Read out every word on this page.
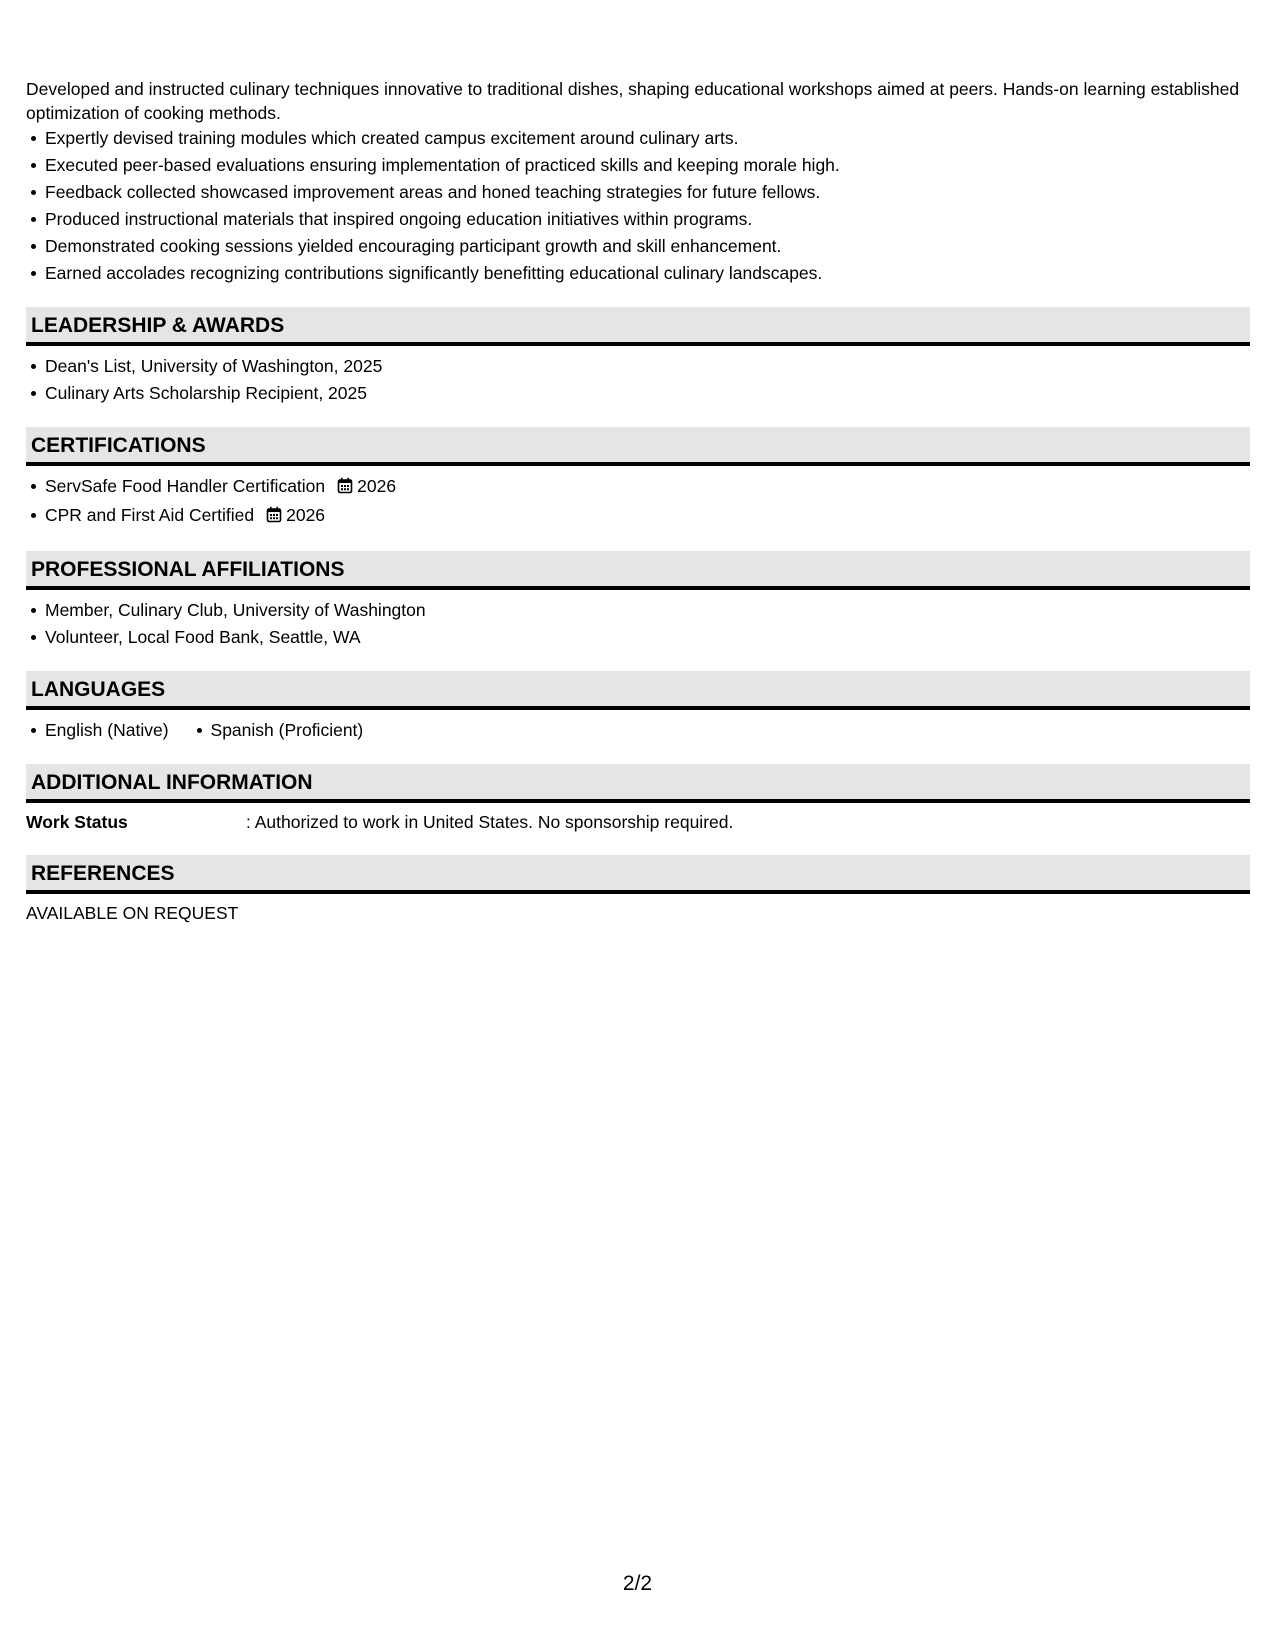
Developed and instructed culinary techniques innovative to traditional dishes, shaping educational workshops aimed at peers. Hands-on learning established optimization of cooking methods.

Expertly devised training modules which created campus excitement around culinary arts.
Executed peer-based evaluations ensuring implementation of practiced skills and keeping morale high.
Feedback collected showcased improvement areas and honed teaching strategies for future fellows.
Produced instructional materials that inspired ongoing education initiatives within programs.
Demonstrated cooking sessions yielded encouraging participant growth and skill enhancement.
Earned accolades recognizing contributions significantly benefitting educational culinary landscapes.
LEADERSHIP & AWARDS
Dean's List, University of Washington, 2025
Culinary Arts Scholarship Recipient, 2025
CERTIFICATIONS
ServSafe Food Handler Certification 2026
CPR and First Aid Certified 2026
PROFESSIONAL AFFILIATIONS
Member, Culinary Club, University of Washington
Volunteer, Local Food Bank, Seattle, WA
LANGUAGES
English (Native) Spanish (Proficient)
ADDITIONAL INFORMATION
Work Status	: Authorized to work in United States. No sponsorship required.
REFERENCES
AVAILABLE ON REQUEST
2/2
